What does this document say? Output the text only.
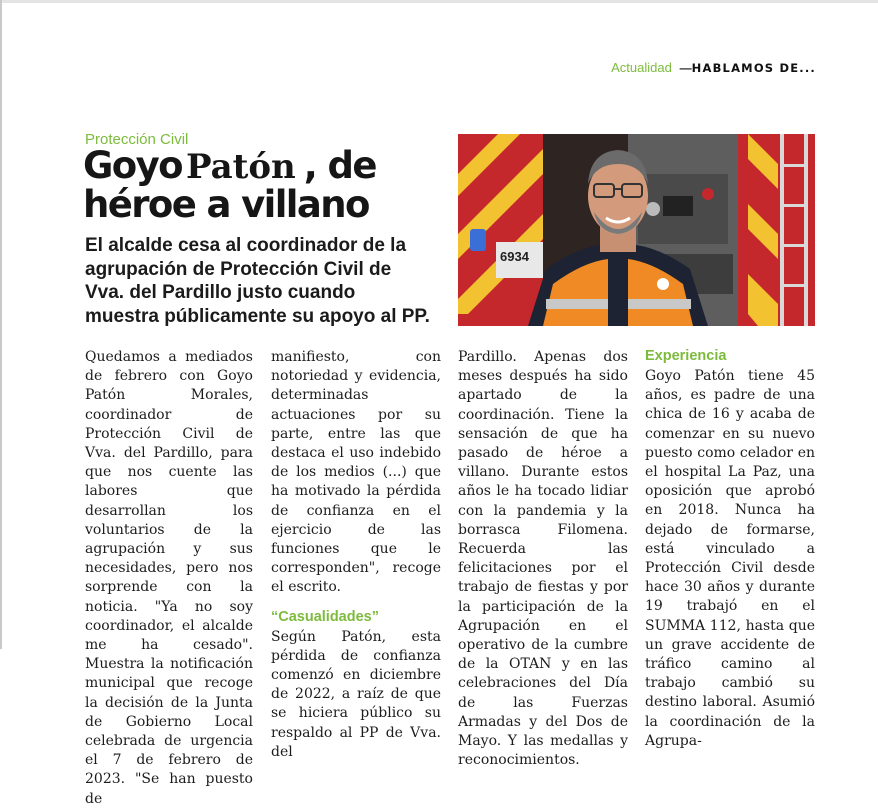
Actualidad —HABLAMOS DE...
Protección Civil
Goyo Patón , de héroe a villano

El alcalde cesa al coordinador de la agrupación de Protección Civil de Vva. del Pardillo justo cuando muestra públicamente su apoyo al PP.

6934

Quedamos a mediados de febrero con Goyo Patón Morales, coordinador de Protección Civil de Vva. del Pardillo, para que nos cuente las labores que desarrollan los voluntarios de la agrupación y sus necesidades, pero nos sorprende con la noticia. "Ya no soy coordinador, el alcalde me ha cesado". Muestra la notificación municipal que recoge la decisión de la Junta de Gobierno Local celebrada de urgencia el 7 de febrero de 2023. "Se han puesto de

manifiesto, con notoriedad y evidencia, determinadas actuaciones por su parte, entre las que destaca el uso indebido de los medios (...) que ha motivado la pérdida de confianza en el ejercicio de las funciones que le corresponden", recoge el escrito.

“Casualidades”

Según Patón, esta pérdida de confianza comenzó en diciembre de 2022, a raíz de que se hiciera público su respaldo al PP de Vva. del

Pardillo. Apenas dos meses después ha sido apartado de la coordinación. Tiene la sensación de que ha pasado de héroe a villano. Durante estos años le ha tocado lidiar con la pandemia y la borrasca Filomena. Recuerda las felicitaciones por el trabajo de fiestas y por la participación de la Agrupación en el operativo de la cumbre de la OTAN y en las celebraciones del Día de las Fuerzas Armadas y del Dos de Mayo. Y las medallas y reconocimientos.

Experiencia

Goyo Patón tiene 45 años, es padre de una chica de 16 y acaba de comenzar en su nuevo puesto como celador en el hospital La Paz, una oposición que aprobó en 2018. Nunca ha dejado de formarse, está vinculado a Protección Civil desde hace 30 años y durante 19 trabajó en el SUMMA 112, hasta que un grave accidente de tráfico camino al trabajo cambió su destino laboral. Asumió la coordinación de la Agrupa-
